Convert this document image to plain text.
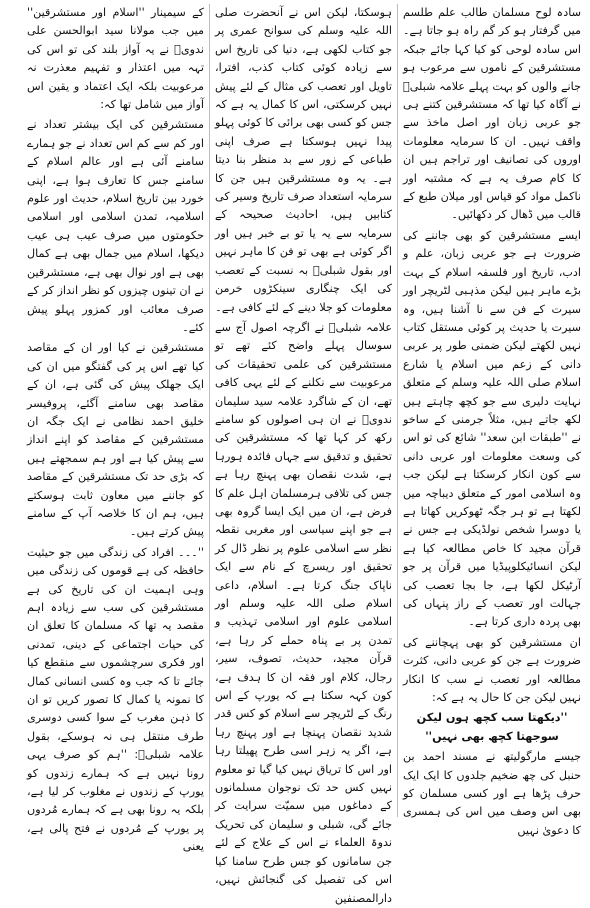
سادہ لوح مسلمان طالب علم طلسم میں گرفتار ہو کر گم راہ ہو جاتا ہے۔ اس سادہ لوحی کو کیا کہا جائے جبکہ مستشرقین کے ناموں سے مرعوب ہو جانے والوں کو بہت پہلے علامہ شبلیؒ نے آگاہ کیا تھا کہ مستشرقین کتنے ہی جو عربی زبان اور اصل ماخذ سے واقف نہیں۔ ان کا سرمایہ معلومات اوروں کی تصانیف اور تراجم ہیں ان کا کام صرف یہ ہے کہ مشتبہ اور ناکمل مواد کو قیاس اور میلان طبع کے قالب میں ڈھال کر دکھائیں۔

ایسے مستشرقین کو بھی جاننے کی ضرورت ہے جو عربی زبان، علم و ادب، تاریخ اور فلسفہ اسلام کے بہت بڑے ماہر ہیں لیکن مذہبی لٹریچر اور سیرت کے فن سے نا آشنا ہیں، وہ سیرت یا حدیث پر کوئی مستقل کتاب نہیں لکھتے لیکن ضمنی طور پر عربی دانی کے زعم میں اسلام یا شارع اسلام صلی اللہ علیہ وسلم کے متعلق نہایت دلیری سے جو کچھ چاہتے ہیں لکھ جاتے ہیں، مثلاً جرمنی کے ساخو نے ''طبقات ابن سعد'' شائع کی تو اس کی وسعت معلومات اور عربی دانی سے کون انکار کرسکتا ہے لیکن جب وہ اسلامی امور کے متعلق دیباچہ میں لکھتا ہے تو ہر جگہ ٹھوکریں کھاتا ہے یا دوسرا شخص نولڈیکی ہے جس نے قرآن مجید کا خاص مطالعہ کیا ہے لیکن انسائیکلوپیڈیا میں قرآن پر جو آرٹیکل لکھا ہے، جا بجا تعصب کی جہالت اور تعصب کے راز پنہاں کی بھی پردہ داری کرتا ہے۔

ان مستشرقین کو بھی پہچاننے کی ضرورت ہے جن کو عربی دانی، کثرت مطالعہ اور تعصب نے سب کا انکار نہیں لیکن جن کا حال یہ ہے کہ:

''دیکھتا سب کچھ ہوں لیکن سوجھتا کچھ بھی نہیں''

جیسے مارگولیتھ نے مسند احمد بن حنبل کی چھ ضخیم جلدوں کا ایک ایک حرف پڑھا ہے اور کسی مسلمان کو بھی اس وصف میں اس کی ہمسری کا دعویٰ نہیں

ہوسکتا، لیکن اس نے آنحضرت صلی اللہ علیہ وسلم کی سوانح عمری پر جو کتاب لکھی ہے، دنیا کی تاریخ اس سے زیادہ کوئی کتاب کذب، افترا، تاویل اور تعصب کی مثال کے لئے پیش نہیں کرسکتی، اس کا کمال یہ ہے کہ جس کو کسی بھی برائی کا کوئی پہلو پیدا نہیں ہوسکتا ہے صرف اپنی طباعی کے زور سے بد منظر بنا دیتا ہے۔ یہ وہ مستشرقین ہیں جن کا سرمایہ استعداد صرف تاریخ وسیر کی کتابیں ہیں، احادیث صحیحہ کے سرمایہ سے یہ یا تو بے خبر ہیں اور اگر کوئی ہے بھی تو فن کا ماہر نہیں اور بقول شبلیؒ بہ نسبت کے تعصب کی ایک چنگاری سینکڑوں خرمن معلومات کو جلا دینے کے لئے کافی ہے۔

علامہ شبلیؒ نے اگرچہ اصول آج سے سوسال پہلے واضح کئے تھے تو مستشرقین کی علمی تحقیقات کی مرعوبیت سے نکلنے کے لئے یہی کافی تھے، ان کے شاگرد علامہ سید سلیمان ندویؒ نے ان ہی اصولوں کو سامنے رکھ کر کہا تھا کہ مستشرقین کی تحقیق و تدقیق سے جہاں فائدہ ہورہا ہے، شدت نقصان بھی پہنچ رہا ہے جس کی تلافی ہرمسلمان اہل علم کا فرض ہے، ان میں ایک ایسا گروہ بھی ہے جو اپنے سیاسی اور مغربی نقطہ نظر سے اسلامی علوم پر نظر ڈال کر تحقیق اور ریسرچ کے نام سے ایک ناپاک جنگ کرتا ہے۔ اسلام، داعی اسلام صلی اللہ علیہ وسلم اور اسلامی علوم اور اسلامی تہذیب و تمدن پر بے پناہ حملے کر رہا ہے، قرآن مجید، حدیث، تصوف، سیر، رجال، کلام اور فقہ ان کا ہدف ہے، کون کہہ سکتا ہے کہ یورپ کے اس رنگ کے لٹریچر سے اسلام کو کس قدر شدید نقصان پہنچا ہے اور پہنچ رہا ہے، اگر یہ زہر اسی طرح پھیلتا رہا اور اس کا تریاق نہیں کیا گیا تو معلوم نہیں کس حد تک نوجوان مسلمانوں کے دماغوں میں سمیّت سرایت کر جائے گی، شبلی و سلیمان کی تحریک ندوۃ العلماء نے اس کے علاج کے لئے جن سامانوں کو جس طرح سامنا کیا اس کی تفصیل کی گنجائش نہیں، دارالمصنفین

کے سیمینار ''اسلام اور مستشرقین'' میں جب مولانا سید ابوالحسن علی ندویؒ نے یہ آواز بلند کی تو اس کی تہہ میں اعتذار و تفہیم معذرت نہ مرعوبیت بلکہ ایک اعتماد و یقین اس آواز میں شامل تھا کہ:

مستشرقین کی ایک بیشتر تعداد نے اور کم سے کم اس تعداد نے جو ہمارے سامنے آئی ہے اور عالم اسلام کے سامنے جس کا تعارف ہوا ہے، اپنی خورد بین تاریخ اسلام، حدیث اور علوم اسلامیہ، تمدن اسلامی اور اسلامی حکومتوں میں صرف عیب ہی عیب دیکھا، اسلام میں جمال بھی ہے کمال بھی ہے اور نوال بھی ہے، مستشرقین نے ان تینوں چیزوں کو نظر انداز کر کے صرف معائب اور کمزور پہلو پیش کئے۔

مستشرقین نے کیا اور ان کے مقاصد کیا تھے اس پر کی گفتگو میں ان کی ایک جھلک پیش کی گئی ہے، ان کے مقاصد بھی سامنے آگئے، پروفیسر خلیق احمد نظامی نے ایک جگہ ان مستشرقین کے مقاصد کو اپنے انداز سے پیش کیا ہے اور ہم سمجھتے ہیں کہ بڑی حد تک مستشرقین کے مقاصد کو جاننے میں معاون ثابت ہوسکتے ہیں، ہم ان کا خلاصہ آپ کے سامنے پیش کرتے ہیں۔

''۔۔۔ افراد کی زندگی میں جو حیثیت حافظہ کی ہے قوموں کی زندگی میں وہی اہمیت ان کی تاریخ کی ہے مستشرقین کی سب سے زیادہ اہم مقصد یہ تھا کہ مسلمان کا تعلق ان کی حیات اجتماعی کے دینی، تمدنی اور فکری سرچشموں سے منقطع کیا جائے تا کہ جب وہ کسی انسانی کمال کا نمونہ یا کمال کا تصور کریں تو ان کا ذہن مغرب کے سوا کسی دوسری طرف منتقل ہی نہ ہوسکے، بقول علامہ شبلیؒ: ''ہم کو صرف یہی رونا نہیں ہے کہ ہمارے زندوں کو یورپ کے زندوں نے مغلوب کر لیا ہے، بلکہ یہ رونا بھی ہے کہ ہمارے مُردوں پر یورپ کے مُردوں نے فتح پالی ہے، یعنی
